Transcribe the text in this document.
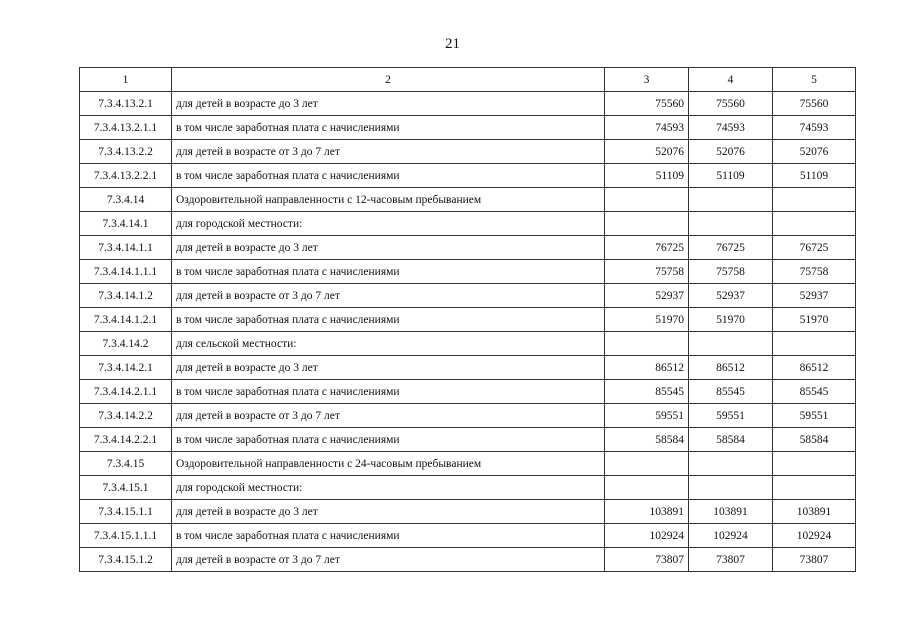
21
1	2	3	4	5
7.3.4.13.2.1	для детей в возрасте до 3 лет	75560	75560	75560
7.3.4.13.2.1.1	в том числе заработная плата с начислениями	74593	74593	74593
7.3.4.13.2.2	для детей в возрасте от 3 до 7 лет	52076	52076	52076
7.3.4.13.2.2.1	в том числе заработная плата с начислениями	51109	51109	51109
7.3.4.14	Оздоровительной направленности с 12-часовым пребыванием			
7.3.4.14.1	для городской местности:			
7.3.4.14.1.1	для детей в возрасте до 3 лет	76725	76725	76725
7.3.4.14.1.1.1	в том числе заработная плата с начислениями	75758	75758	75758
7.3.4.14.1.2	для детей в возрасте от 3 до 7 лет	52937	52937	52937
7.3.4.14.1.2.1	в том числе заработная плата с начислениями	51970	51970	51970
7.3.4.14.2	для сельской местности:			
7.3.4.14.2.1	для детей в возрасте до 3 лет	86512	86512	86512
7.3.4.14.2.1.1	в том числе заработная плата с начислениями	85545	85545	85545
7.3.4.14.2.2	для детей в возрасте от 3 до 7 лет	59551	59551	59551
7.3.4.14.2.2.1	в том числе заработная плата с начислениями	58584	58584	58584
7.3.4.15	Оздоровительной направленности с 24-часовым пребыванием			
7.3.4.15.1	для городской местности:			
7.3.4.15.1.1	для детей в возрасте до 3 лет	103891	103891	103891
7.3.4.15.1.1.1	в том числе заработная плата с начислениями	102924	102924	102924
7.3.4.15.1.2	для детей в возрасте от 3 до 7 лет	73807	73807	73807
